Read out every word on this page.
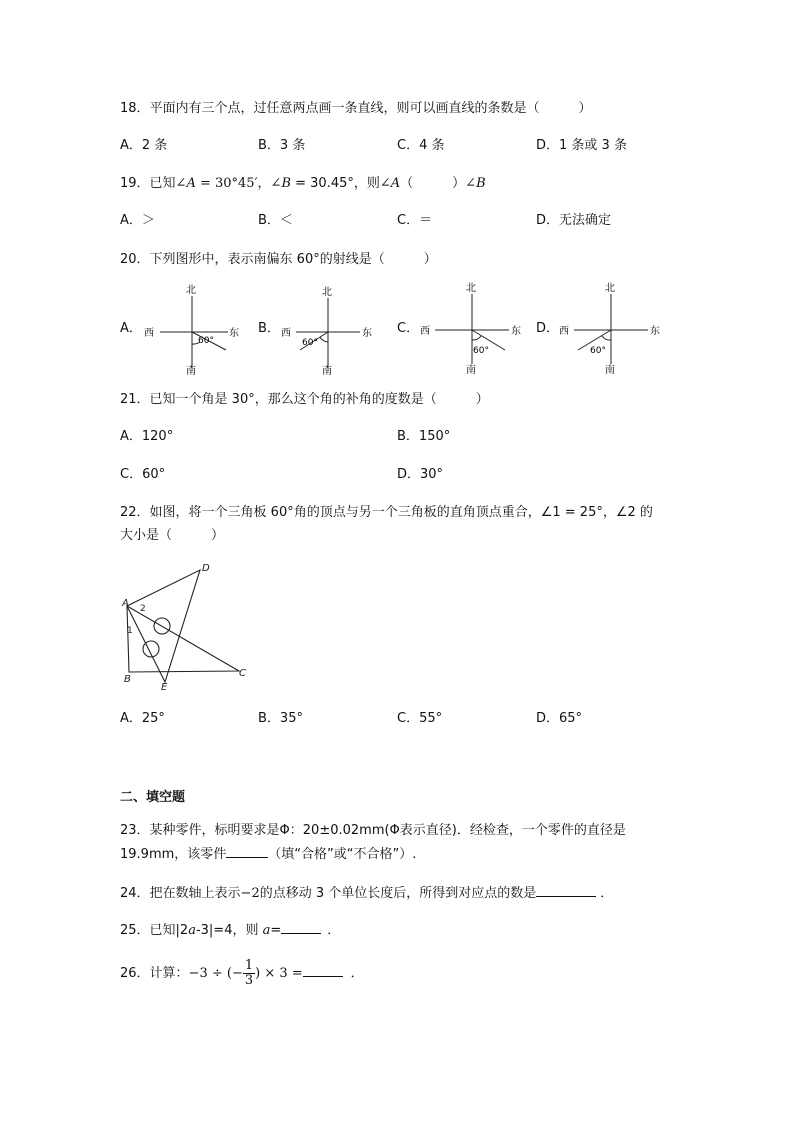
18．平面内有三个点，过任意两点画一条直线，则可以画直线的条数是（　　　）
A．2 条	B．3 条	C．4 条	D．1 条或 3 条
19．已知∠A = 30°45′，∠B = 30.45°，则∠A（　　　）∠B
A．＞	B．＜	C．＝	D．无法确定
20．下列图形中，表示南偏东 60°的射线是（　　　）
A．
北
南
东
西
60°
B．
北
南
东
西
60°
C．
北
南
东
西
60°
D．
北
南
东
西
60°
21．已知一个角是 30°，那么这个角的补角的度数是（　　　）
A．120°	B．150°
C．60°	D．30°
22．如图，将一个三角板 60°角的顶点与另一个三角板的直角顶点重合，∠1 = 25°，∠2 的
大小是（　　　）
A
D
B
E
C
2
1
A．25°	B．35°	C．55°	D．65°
二、填空题
23．某种零件，标明要求是Φ：20±0.02mm(Φ表示直径)．经检查，一个零件的直径是
19.9mm，该零件	（填“合格”或“不合格”）.
24．把在数轴上表示−2的点移动 3 个单位长度后，所得到对应点的数是	．
25．已知|2a-3|=4，则 a=	．
26．计算：−3 ÷ (− $\frac{1}{3}$ ) × 3 =	．
